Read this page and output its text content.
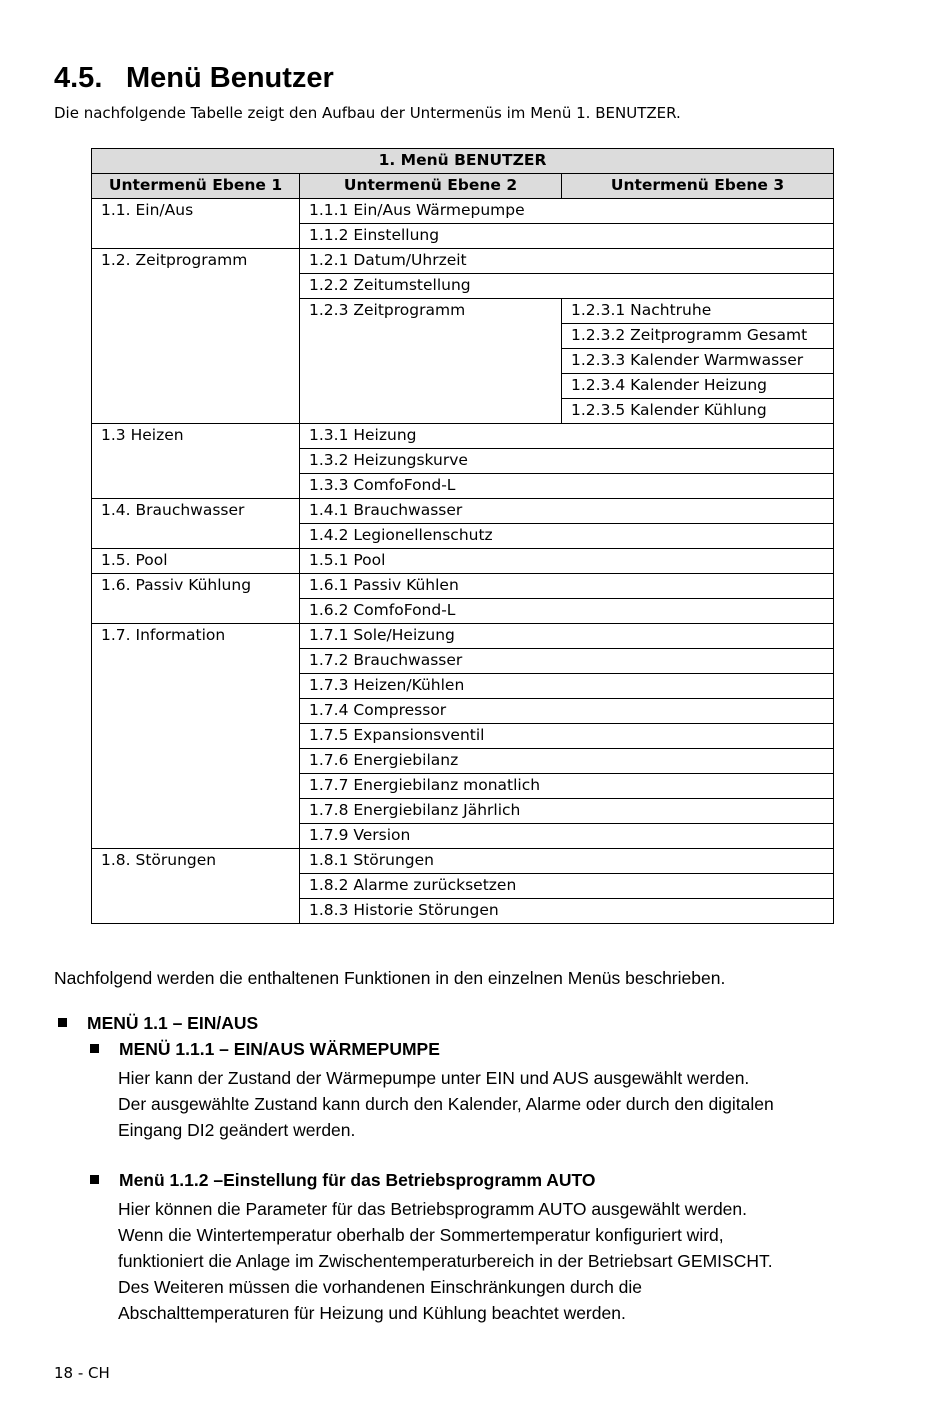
4.5. Menü Benutzer

Die nachfolgende Tabelle zeigt den Aufbau der Untermenüs im Menü 1. BENUTZER.

1. Menü BENUTZER		
Untermenü Ebene 1	Untermenü Ebene 2	Untermenü Ebene 3
1.1. Ein/Aus	1.1.1 Ein/Aus Wärmepumpe	
	1.1.2 Einstellung	
1.2. Zeitprogramm	1.2.1 Datum/Uhrzeit	
	1.2.2 Zeitumstellung	
	1.2.3 Zeitprogramm	1.2.3.1 Nachtruhe
		1.2.3.2 Zeitprogramm Gesamt
		1.2.3.3 Kalender Warmwasser
		1.2.3.4 Kalender Heizung
		1.2.3.5 Kalender Kühlung
1.3 Heizen	1.3.1 Heizung	
	1.3.2 Heizungskurve	
	1.3.3 ComfoFond-L	
1.4. Brauchwasser	1.4.1 Brauchwasser	
	1.4.2 Legionellenschutz	
1.5. Pool	1.5.1 Pool	
1.6. Passiv Kühlung	1.6.1 Passiv Kühlen	
	1.6.2 ComfoFond-L	
1.7. Information	1.7.1 Sole/Heizung	
	1.7.2 Brauchwasser	
	1.7.3 Heizen/Kühlen	
	1.7.4 Compressor	
	1.7.5 Expansionsventil	
	1.7.6 Energiebilanz	
	1.7.7 Energiebilanz monatlich	
	1.7.8 Energiebilanz Jährlich	
	1.7.9 Version	
1.8. Störungen	1.8.1 Störungen	
	1.8.2 Alarme zurücksetzen	
	1.8.3 Historie Störungen	

Nachfolgend werden die enthaltenen Funktionen in den einzelnen Menüs beschrieben.

MENÜ 1.1 – EIN/AUS
MENÜ 1.1.1 – EIN/AUS WÄRMEPUMPE

Hier kann der Zustand der Wärmepumpe unter EIN und AUS ausgewählt werden.
Der ausgewählte Zustand kann durch den Kalender, Alarme oder durch den digitalen
Eingang DI2 geändert werden.

Menü 1.1.2 –Einstellung für das Betriebsprogramm AUTO

Hier können die Parameter für das Betriebsprogramm AUTO ausgewählt werden.
Wenn die Wintertemperatur oberhalb der Sommertemperatur konfiguriert wird,
funktioniert die Anlage im Zwischentemperaturbereich in der Betriebsart GEMISCHT.
Des Weiteren müssen die vorhandenen Einschränkungen durch die
Abschalttemperaturen für Heizung und Kühlung beachtet werden.

18 - CH
